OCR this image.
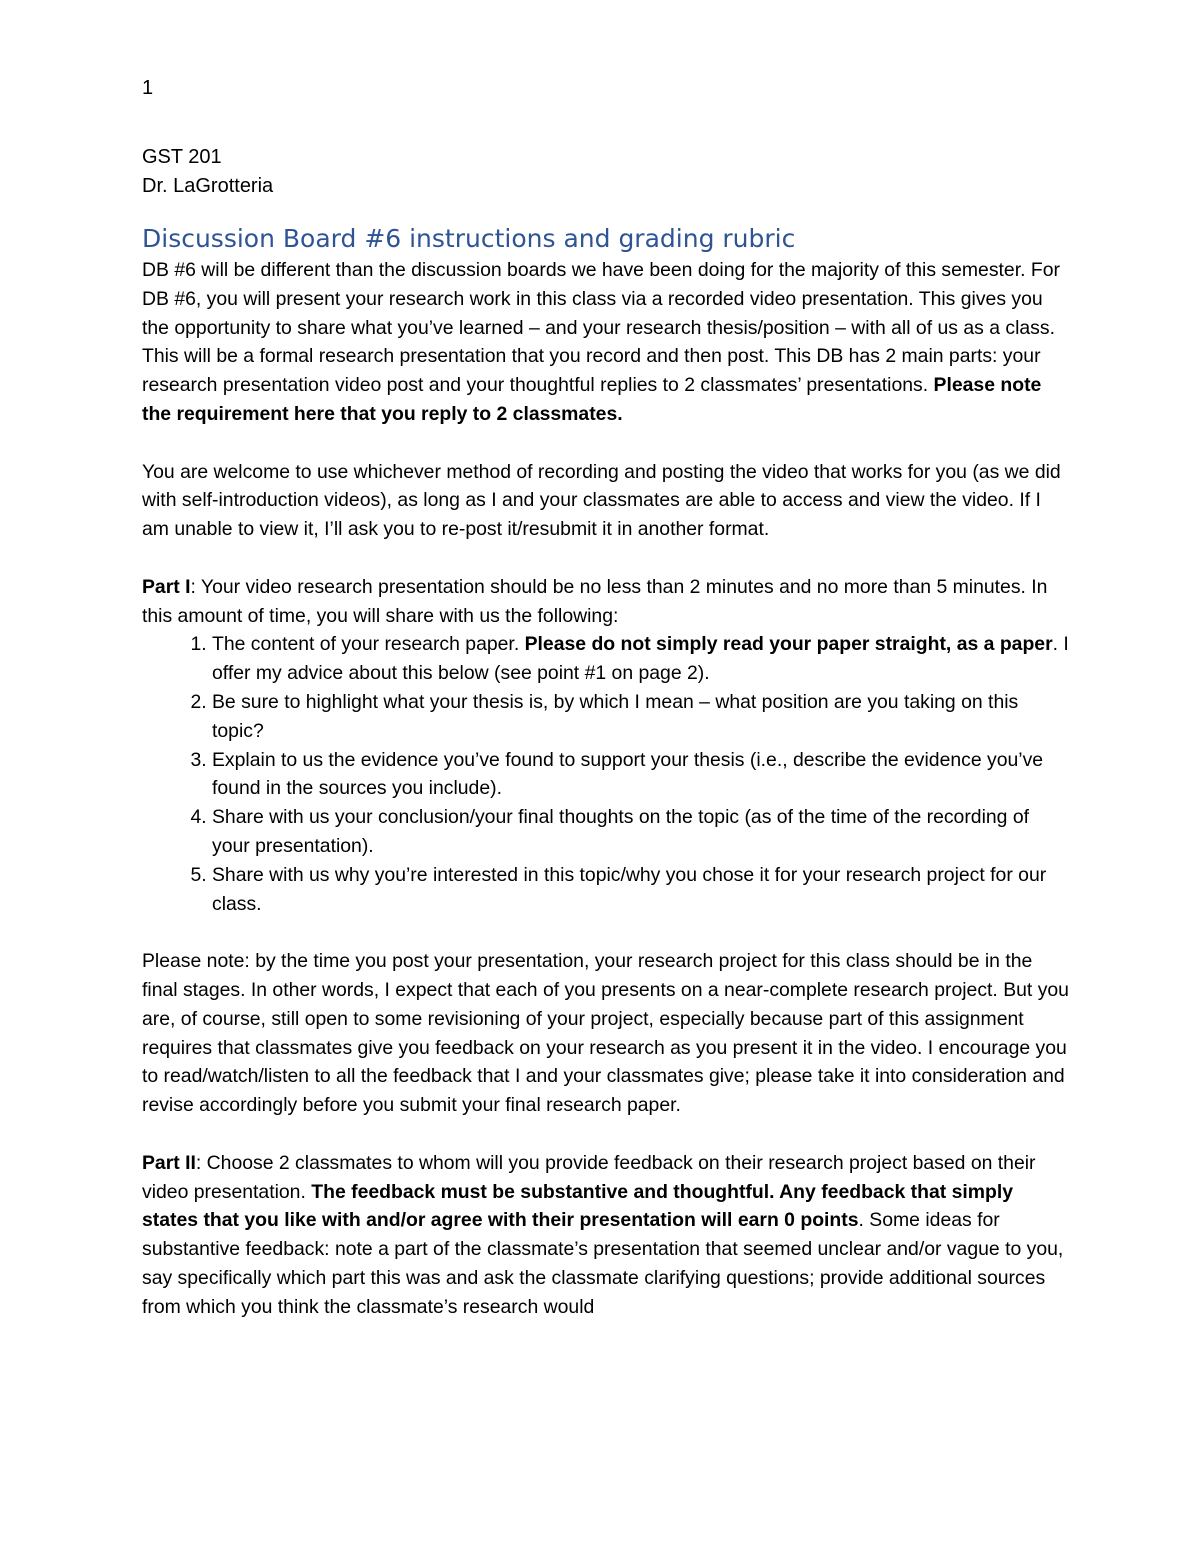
1
GST 201
Dr. LaGrotteria
Discussion Board #6 instructions and grading rubric

DB #6 will be different than the discussion boards we have been doing for the majority of this semester. For DB #6, you will present your research work in this class via a recorded video presentation. This gives you the opportunity to share what you’ve learned – and your research thesis/position – with all of us as a class. This will be a formal research presentation that you record and then post. This DB has 2 main parts: your research presentation video post and your thoughtful replies to 2 classmates’ presentations. Please note the requirement here that you reply to 2 classmates.

You are welcome to use whichever method of recording and posting the video that works for you (as we did with self-introduction videos), as long as I and your classmates are able to access and view the video. If I am unable to view it, I’ll ask you to re-post it/resubmit it in another format.

Part I: Your video research presentation should be no less than 2 minutes and no more than 5 minutes. In this amount of time, you will share with us the following:

1. The content of your research paper. Please do not simply read your paper straight, as a paper. I offer my advice about this below (see point #1 on page 2).
2. Be sure to highlight what your thesis is, by which I mean – what position are you taking on this topic?
3. Explain to us the evidence you’ve found to support your thesis (i.e., describe the evidence you’ve found in the sources you include).
4. Share with us your conclusion/your final thoughts on the topic (as of the time of the recording of your presentation).
5. Share with us why you’re interested in this topic/why you chose it for your research project for our class.

Please note: by the time you post your presentation, your research project for this class should be in the final stages. In other words, I expect that each of you presents on a near-complete research project. But you are, of course, still open to some revisioning of your project, especially because part of this assignment requires that classmates give you feedback on your research as you present it in the video. I encourage you to read/watch/listen to all the feedback that I and your classmates give; please take it into consideration and revise accordingly before you submit your final research paper.

Part II: Choose 2 classmates to whom will you provide feedback on their research project based on their video presentation. The feedback must be substantive and thoughtful. Any feedback that simply states that you like with and/or agree with their presentation will earn 0 points. Some ideas for substantive feedback: note a part of the classmate’s presentation that seemed unclear and/or vague to you, say specifically which part this was and ask the classmate clarifying questions; provide additional sources from which you think the classmate’s research would
